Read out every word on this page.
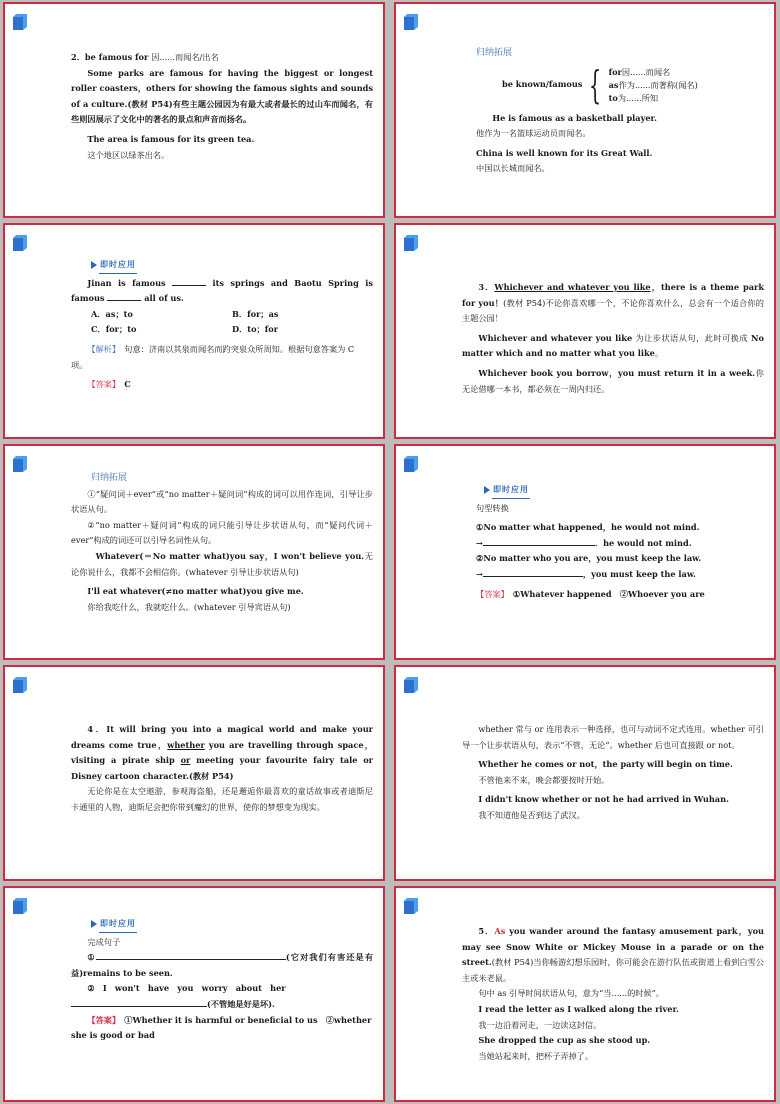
2．be famous for 因......而闻名/出名

Some parks are famous for having the biggest or longest roller coasters，others for showing the famous sights and sounds of a culture.(教材 P54)有些主题公园因为有最大或者最长的过山车而闻名，有些则因展示了文化中的著名的景点和声音而扬名。

The area is famous for its green tea.

这个地区以绿茶出名。

归纳拓展

be known/famous { for因......而闻名
as作为......而著称(闻名)
to为......所知

He is famous as a basketball player.

他作为一名篮球运动员而闻名。

China is well known for its Great Wall.

中国以长城而闻名。

即时应用

Jinan is famous	its springs and Baotu Spring is famous	all of us.

A．as；to	B．for；as
C．for；to	D．to；for

【解析】　 句意：济南以其泉而闻名而趵突泉众所周知。根据句意答案为 C 项。

【答案】　 C

3．Whichever and whatever you like，there is a theme park for you！(教材 P54)不论你喜欢哪一个，不论你喜欢什么，总会有一个适合你的主题公园！

Whichever and whatever you like 为让步状语从句，此时可换成 No matter which and no matter what you like。

Whichever book you borrow，you must return it in a week.你无论借哪一本书，都必须在一周内归还。

归纳拓展

①“疑问词＋ever”或“no matter＋疑问词”构成的词可以用作连词，引导让步状语从句。

②“no matter＋疑问词”构成的词只能引导让步状语从句，而“疑问代词＋ever”构成的词还可以引导名词性从句。

Whatever(＝No matter what)you say，I won't believe you.无论你说什么，我都不会相信你。(whatever 引导让步状语从句)

I'll eat whatever(≠no matter what)you give me.

你给我吃什么，我就吃什么。(whatever 引导宾语从句)

即时应用

句型转换

①No matter what happened，he would not mind.

→	．he would not mind.

②No matter who you are，you must keep the law.

→	，you must keep the law.

【答案】　 ①Whatever happened　②Whoever you are

4．It will bring you into a magical world and make your dreams come true，whether you are travelling through space，visiting a pirate ship or meeting your favourite fairy tale or Disney cartoon character.(教材 P54)

无论你是在太空遨游，参观海盗船，还是邂逅你最喜欢的童话故事或者迪斯尼卡通里的人物，迪斯尼会把你带到魔幻的世界，使你的梦想变为现实。

whether 常与 or 连用表示一种选择，也可与动词不定式连用。whether 可引导一个让步状语从句，表示“不管，无论”。whether 后也可直接跟 or not。

Whether he comes or not，the party will begin on time.

不管他来不来，晚会都要按时开始。

I didn't know whether or not he had arrived in Wuhan.

我不知道他是否到达了武汉。

即时应用

完成句子

①	(它对我们有害还是有益)remains to be seen.

②　I　won't　have　you　worry　about　her

(不管她是好是坏).

【答案】　 ①Whether it is harmful or beneficial to us　②whether she is good or bad

5．As you wander around the fantasy amusement park，you may see Snow White or Mickey Mouse in a parade or on the street.(教材 P54)当你畅游幻想乐园时，你可能会在游行队伍或街道上看到白雪公主或米老鼠。

句中 as 引导时间状语从句，意为“当......的时候”。

I read the letter as I walked along the river.

我一边沿着河走，一边读这封信。

She dropped the cup as she stood up.

当她站起来时，把杯子弄掉了。
